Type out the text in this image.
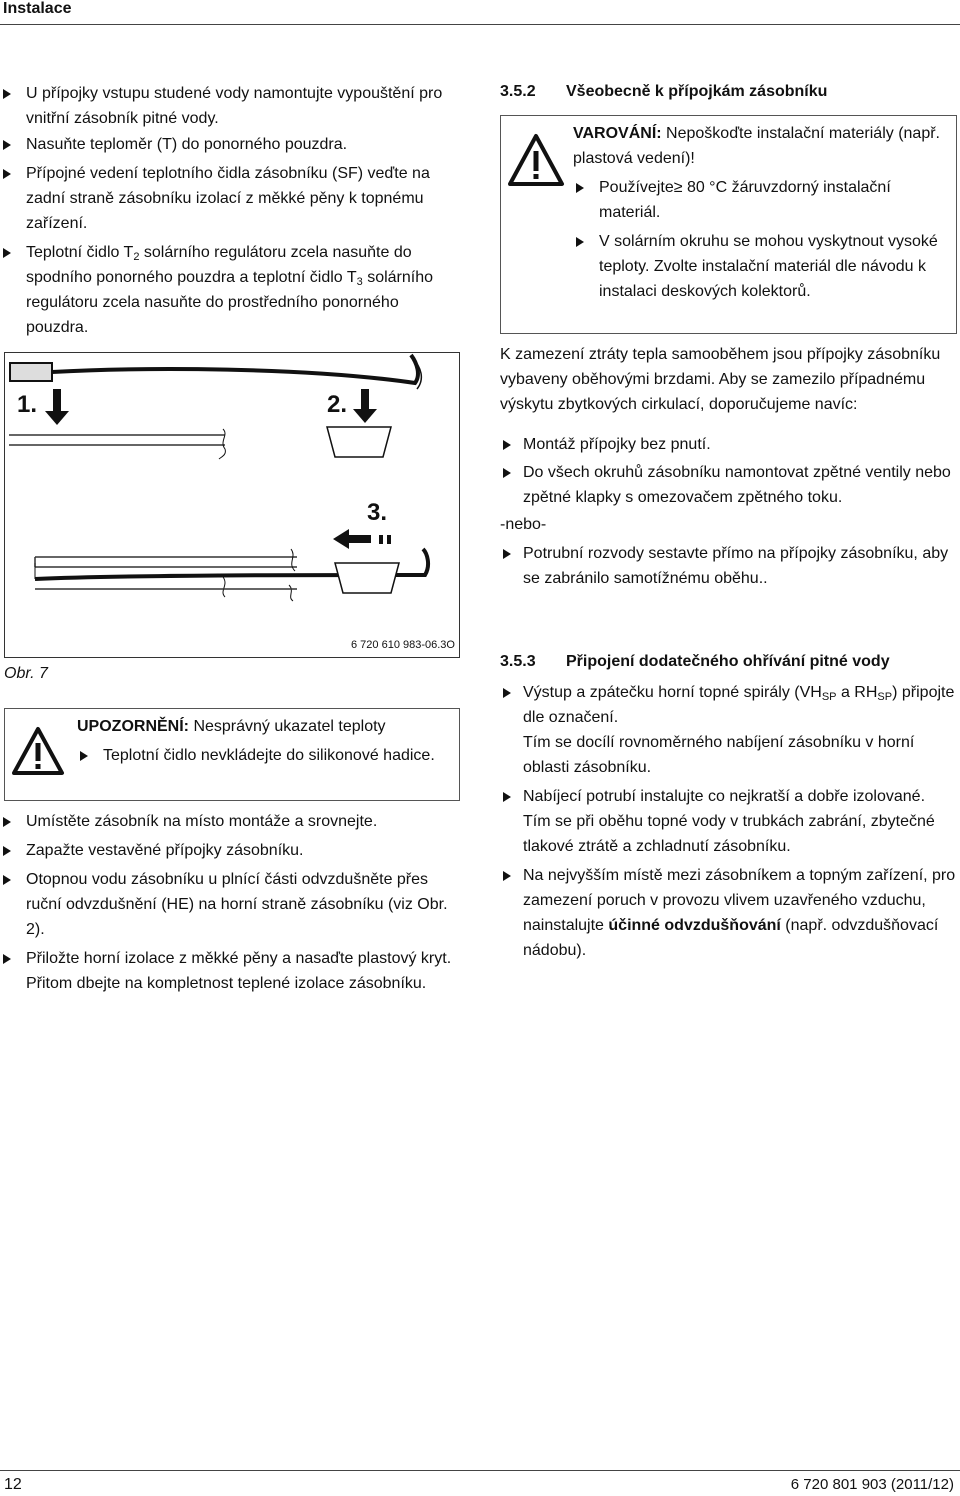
Instalace

U přípojky vstupu studené vody namontujte vypouštění pro vnitřní zásobník pitné vody.

Nasuňte teploměr (T) do ponorného pouzdra.

Přípojné vedení teplotního čidla zásobníku (SF) veďte na zadní straně zásobníku izolací z měkké pěny k topnému zařízení.

Teplotní čidlo $T_2$ solárního regulátoru zcela nasuňte do spodního ponorného pouzdra a teplotní čidlo $T_3$ solárního regulátoru zcela nasuňte do prostředního ponorného pouzdra.

1.	2.
3.
6 720 610 983-06.3O
Obr. 7

UPOZORNĚNÍ: Nesprávný ukazatel teploty

Teplotní čidlo nevkládejte do silikonové hadice.

Umístěte zásobník na místo montáže a srovnejte.

Zapažte vestavěné přípojky zásobníku.

Otopnou vodu zásobníku u plnící části odvzdušněte přes ruční odvzdušnění (HE) na horní straně zásobníku (viz Obr. 2).

Přiložte horní izolace z měkké pěny a nasaďte plastový kryt. Přitom dbejte na kompletnost teplené izolace zásobníku.

3.5.2 Všeobecně k přípojkám zásobníku

VAROVÁNÍ: Nepoškoďte instalační materiály (např. plastová vedení)!

Používejte≥ 80 °C žáruvzdorný instalační materiál.

V solárním okruhu se mohou vyskytnout vysoké teploty. Zvolte instalační materiál dle návodu k instalaci deskových kolektorů.

K zamezení ztráty tepla samooběhem jsou přípojky zásobníku vybaveny oběhovými brzdami. Aby se zamezilo případnému výskytu zbytkových cirkulací, doporučujeme navíc:

Montáž přípojky bez pnutí.

Do všech okruhů zásobníku namontovat zpětné ventily nebo zpětné klapky s omezovačem zpětného toku.

-nebo-

Potrubní rozvody sestavte přímo na přípojky zásobníku, aby se zabránilo samotížnému oběhu..

3.5.3 Připojení dodatečného ohřívání pitné vody

Výstup a zpátečku horní topné spirály ($VH_{SP}$ a $RH_{SP}$) připojte dle označení.
Tím se docílí rovnoměrného nabíjení zásobníku v horní oblasti zásobníku.

Nabíjecí potrubí instalujte co nejkratší a dobře izolované.
Tím se při oběhu topné vody v trubkách zabrání, zbytečné tlakové ztrátě a zchladnutí zásobníku.

Na nejvyšším místě mezi zásobníkem a topným zařízení, pro zamezení poruch v provozu vlivem uzavřeného vzduchu, nainstalujte účinné odvzdušňování (např. odvzdušňovací nádobu).

12	6 720 801 903 (2011/12)
